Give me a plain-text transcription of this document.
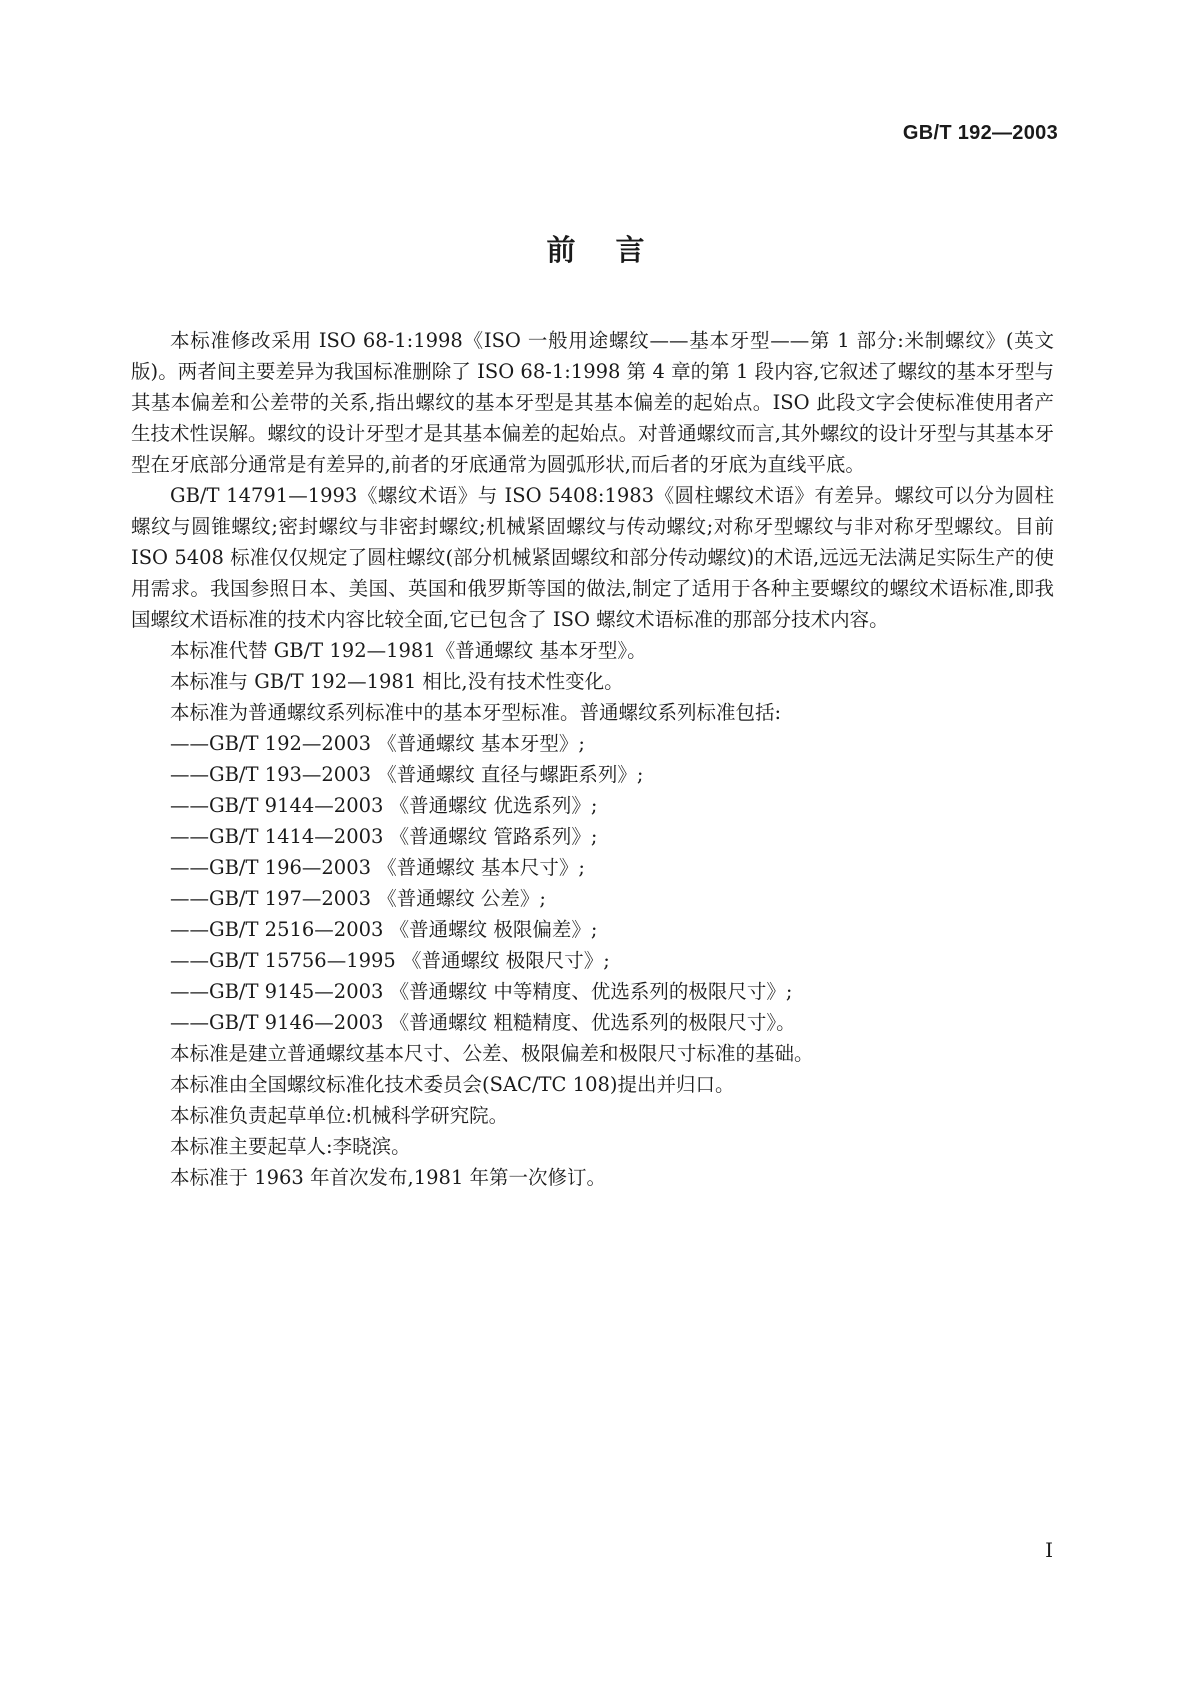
GB/T 192—2003
前言

本标准修改采用 ISO 68-1:1998《ISO 一般用途螺纹——基本牙型——第 1 部分:米制螺纹》(英文版)。两者间主要差异为我国标准删除了 ISO 68-1:1998 第 4 章的第 1 段内容,它叙述了螺纹的基本牙型与其基本偏差和公差带的关系,指出螺纹的基本牙型是其基本偏差的起始点。ISO 此段文字会使标准使用者产生技术性误解。螺纹的设计牙型才是其基本偏差的起始点。对普通螺纹而言,其外螺纹的设计牙型与其基本牙型在牙底部分通常是有差异的,前者的牙底通常为圆弧形状,而后者的牙底为直线平底。

GB/T 14791—1993《螺纹术语》与 ISO 5408:1983《圆柱螺纹术语》有差异。螺纹可以分为圆柱螺纹与圆锥螺纹;密封螺纹与非密封螺纹;机械紧固螺纹与传动螺纹;对称牙型螺纹与非对称牙型螺纹。目前 ISO 5408 标准仅仅规定了圆柱螺纹(部分机械紧固螺纹和部分传动螺纹)的术语,远远无法满足实际生产的使用需求。我国参照日本、美国、英国和俄罗斯等国的做法,制定了适用于各种主要螺纹的螺纹术语标准,即我国螺纹术语标准的技术内容比较全面,它已包含了 ISO 螺纹术语标准的那部分技术内容。

本标准代替 GB/T 192—1981《普通螺纹 基本牙型》。

本标准与 GB/T 192—1981 相比,没有技术性变化。

本标准为普通螺纹系列标准中的基本牙型标准。普通螺纹系列标准包括:

——GB/T 192—2003 《普通螺纹 基本牙型》;

——GB/T 193—2003 《普通螺纹 直径与螺距系列》;

——GB/T 9144—2003 《普通螺纹 优选系列》;

——GB/T 1414—2003 《普通螺纹 管路系列》;

——GB/T 196—2003 《普通螺纹 基本尺寸》;

——GB/T 197—2003 《普通螺纹 公差》;

——GB/T 2516—2003 《普通螺纹 极限偏差》;

——GB/T 15756—1995 《普通螺纹 极限尺寸》;

——GB/T 9145—2003 《普通螺纹 中等精度、优选系列的极限尺寸》;

——GB/T 9146—2003 《普通螺纹 粗糙精度、优选系列的极限尺寸》。

本标准是建立普通螺纹基本尺寸、公差、极限偏差和极限尺寸标准的基础。

本标准由全国螺纹标准化技术委员会(SAC/TC 108)提出并归口。

本标准负责起草单位:机械科学研究院。

本标准主要起草人:李晓滨。

本标准于 1963 年首次发布,1981 年第一次修订。

I
